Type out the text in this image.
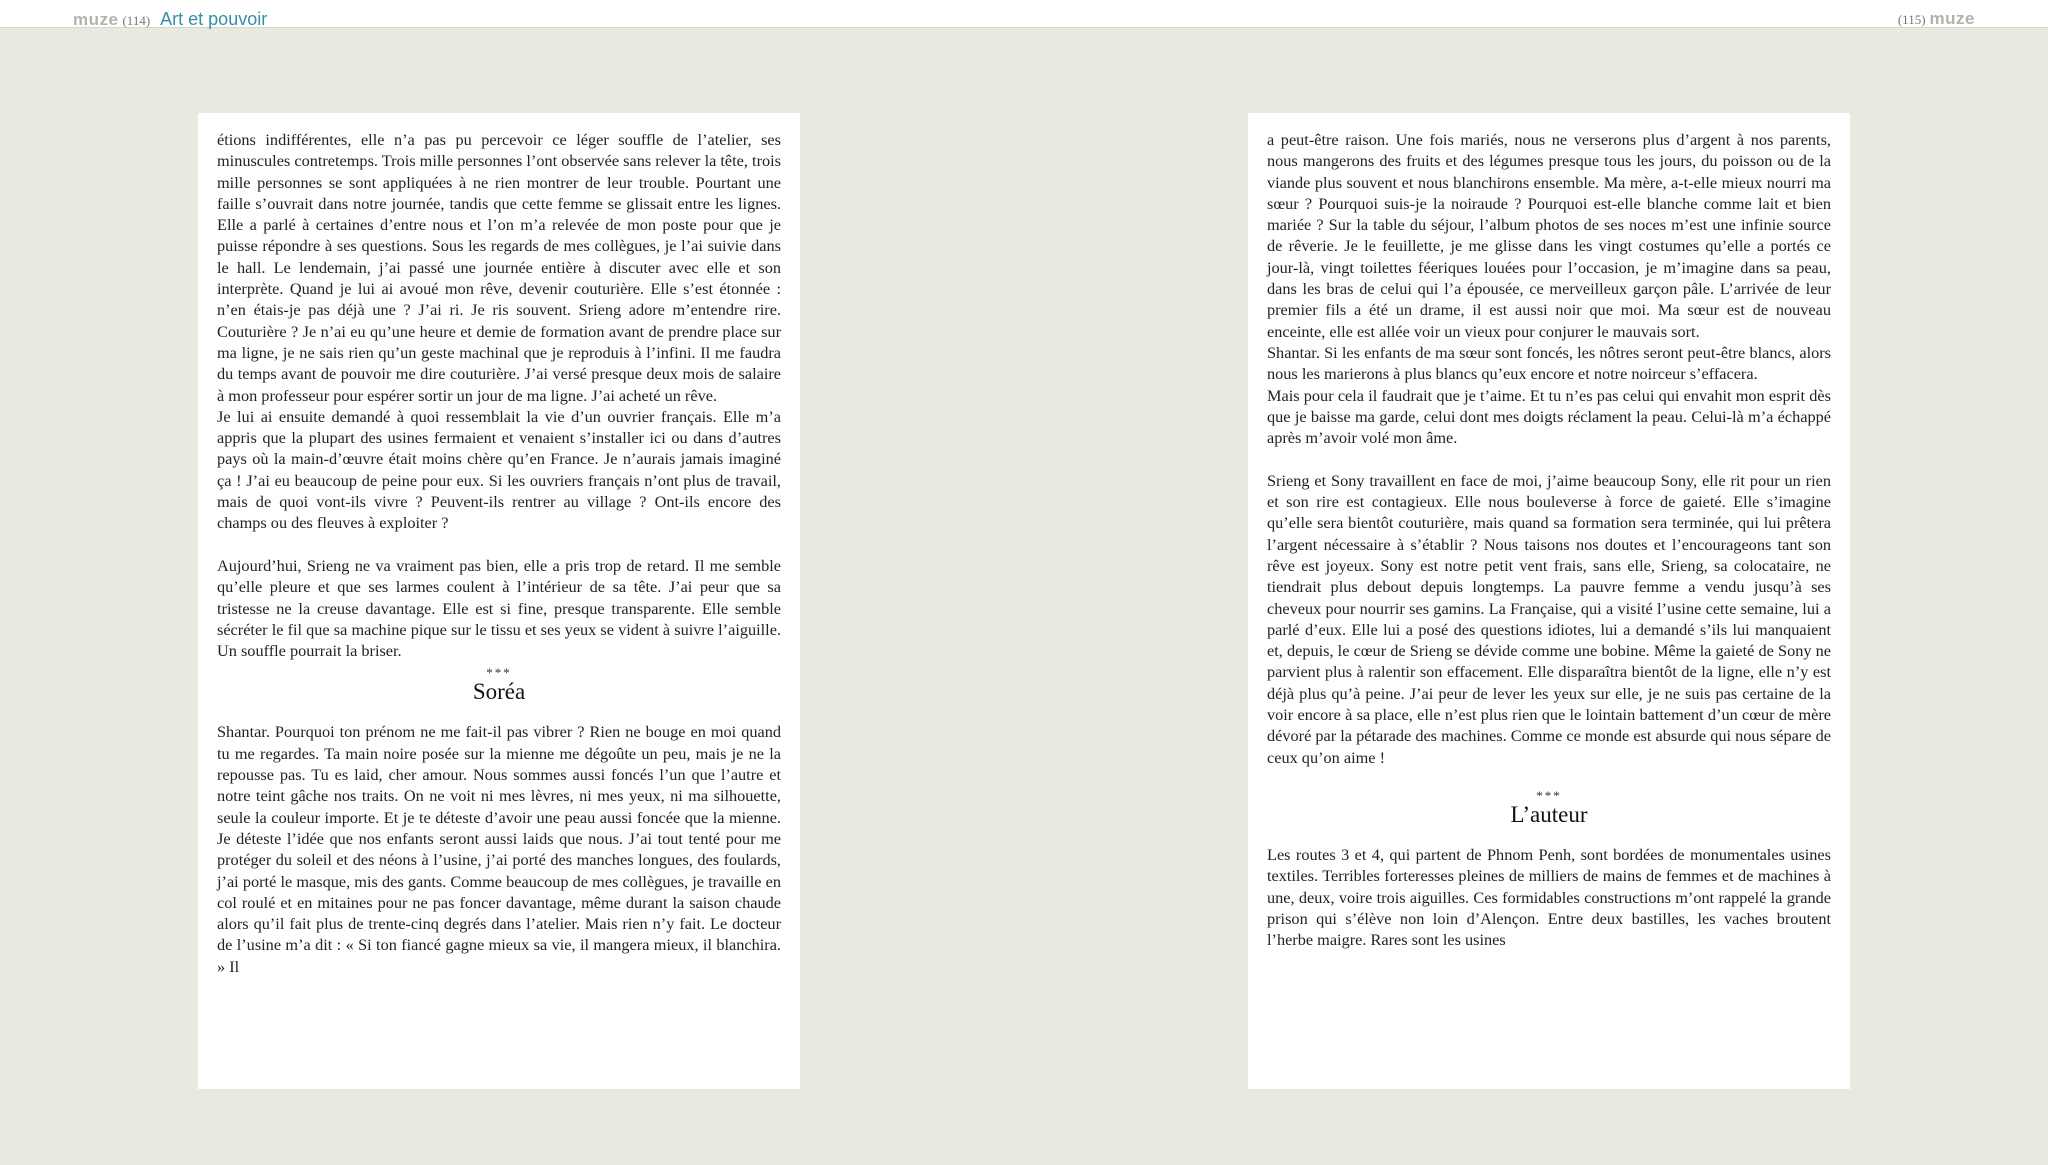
muze (114) Art et pouvoir	(115) muze

étions indifférentes, elle n’a pas pu percevoir ce léger souffle de l’atelier, ses minuscules contretemps. Trois mille personnes l’ont observée sans relever la tête, trois mille personnes se sont appliquées à ne rien montrer de leur trouble. Pourtant une faille s’ouvrait dans notre journée, tandis que cette femme se glissait entre les lignes. Elle a parlé à certaines d’entre nous et l’on m’a relevée de mon poste pour que je puisse répondre à ses questions. Sous les regards de mes collègues, je l’ai suivie dans le hall. Le lendemain, j’ai passé une journée entière à discuter avec elle et son interprète. Quand je lui ai avoué mon rêve, devenir couturière. Elle s’est étonnée : n’en étais-je pas déjà une ? J’ai ri. Je ris souvent. Srieng adore m’entendre rire. Couturière ? Je n’ai eu qu’une heure et demie de formation avant de prendre place sur ma ligne, je ne sais rien qu’un geste machinal que je reproduis à l’infini. Il me faudra du temps avant de pouvoir me dire couturière. J’ai versé presque deux mois de salaire à mon professeur pour espérer sortir un jour de ma ligne. J’ai acheté un rêve.

Je lui ai ensuite demandé à quoi ressemblait la vie d’un ouvrier français. Elle m’a appris que la plupart des usines fermaient et venaient s’installer ici ou dans d’autres pays où la main-d’œuvre était moins chère qu’en France. Je n’aurais jamais imaginé ça ! J’ai eu beaucoup de peine pour eux. Si les ouvriers français n’ont plus de travail, mais de quoi vont-ils vivre ? Peuvent-ils rentrer au village ? Ont-ils encore des champs ou des fleuves à exploiter ?

Aujourd’hui, Srieng ne va vraiment pas bien, elle a pris trop de retard. Il me semble qu’elle pleure et que ses larmes coulent à l’intérieur de sa tête. J’ai peur que sa tristesse ne la creuse davantage. Elle est si fine, presque transparente. Elle semble sécréter le fil que sa machine pique sur le tissu et ses yeux se vident à suivre l’aiguille. Un souffle pourrait la briser.

***
Soréa

Shantar. Pourquoi ton prénom ne me fait-il pas vibrer ? Rien ne bouge en moi quand tu me regardes. Ta main noire posée sur la mienne me dégoûte un peu, mais je ne la repousse pas. Tu es laid, cher amour. Nous sommes aussi foncés l’un que l’autre et notre teint gâche nos traits. On ne voit ni mes lèvres, ni mes yeux, ni ma silhouette, seule la couleur importe. Et je te déteste d’avoir une peau aussi foncée que la mienne. Je déteste l’idée que nos enfants seront aussi laids que nous. J’ai tout tenté pour me protéger du soleil et des néons à l’usine, j’ai porté des manches longues, des foulards, j’ai porté le masque, mis des gants. Comme beaucoup de mes collègues, je travaille en col roulé et en mitaines pour ne pas foncer davantage, même durant la saison chaude alors qu’il fait plus de trente-cinq degrés dans l’atelier. Mais rien n’y fait. Le docteur de l’usine m’a dit : « Si ton fiancé gagne mieux sa vie, il mangera mieux, il blanchira. » Il

a peut-être raison. Une fois mariés, nous ne verserons plus d’argent à nos parents, nous mangerons des fruits et des légumes presque tous les jours, du poisson ou de la viande plus souvent et nous blanchirons ensemble. Ma mère, a-t-elle mieux nourri ma sœur ? Pourquoi suis-je la noiraude ? Pourquoi est-elle blanche comme lait et bien mariée ? Sur la table du séjour, l’album photos de ses noces m’est une infinie source de rêverie. Je le feuillette, je me glisse dans les vingt costumes qu’elle a portés ce jour-là, vingt toilettes féeriques louées pour l’occasion, je m’imagine dans sa peau, dans les bras de celui qui l’a épousée, ce merveilleux garçon pâle. L’arrivée de leur premier fils a été un drame, il est aussi noir que moi. Ma sœur est de nouveau enceinte, elle est allée voir un vieux pour conjurer le mauvais sort.

Shantar. Si les enfants de ma sœur sont foncés, les nôtres seront peut-être blancs, alors nous les marierons à plus blancs qu’eux encore et notre noirceur s’effacera.

Mais pour cela il faudrait que je t’aime. Et tu n’es pas celui qui envahit mon esprit dès que je baisse ma garde, celui dont mes doigts réclament la peau. Celui-là m’a échappé après m’avoir volé mon âme.

Srieng et Sony travaillent en face de moi, j’aime beaucoup Sony, elle rit pour un rien et son rire est contagieux. Elle nous bouleverse à force de gaieté. Elle s’imagine qu’elle sera bientôt couturière, mais quand sa formation sera terminée, qui lui prêtera l’argent nécessaire à s’établir ? Nous taisons nos doutes et l’encourageons tant son rêve est joyeux. Sony est notre petit vent frais, sans elle, Srieng, sa colocataire, ne tiendrait plus debout depuis longtemps. La pauvre femme a vendu jusqu’à ses cheveux pour nourrir ses gamins. La Française, qui a visité l’usine cette semaine, lui a parlé d’eux. Elle lui a posé des questions idiotes, lui a demandé s’ils lui manquaient et, depuis, le cœur de Srieng se dévide comme une bobine. Même la gaieté de Sony ne parvient plus à ralentir son effacement. Elle disparaîtra bientôt de la ligne, elle n’y est déjà plus qu’à peine. J’ai peur de lever les yeux sur elle, je ne suis pas certaine de la voir encore à sa place, elle n’est plus rien que le lointain battement d’un cœur de mère dévoré par la pétarade des machines. Comme ce monde est absurde qui nous sépare de ceux qu’on aime !

***
L’auteur

Les routes 3 et 4, qui partent de Phnom Penh, sont bordées de monumentales usines textiles. Terribles forteresses pleines de milliers de mains de femmes et de machines à une, deux, voire trois aiguilles. Ces formidables constructions m’ont rappelé la grande prison qui s’élève non loin d’Alençon. Entre deux bastilles, les vaches broutent l’herbe maigre. Rares sont les usines
